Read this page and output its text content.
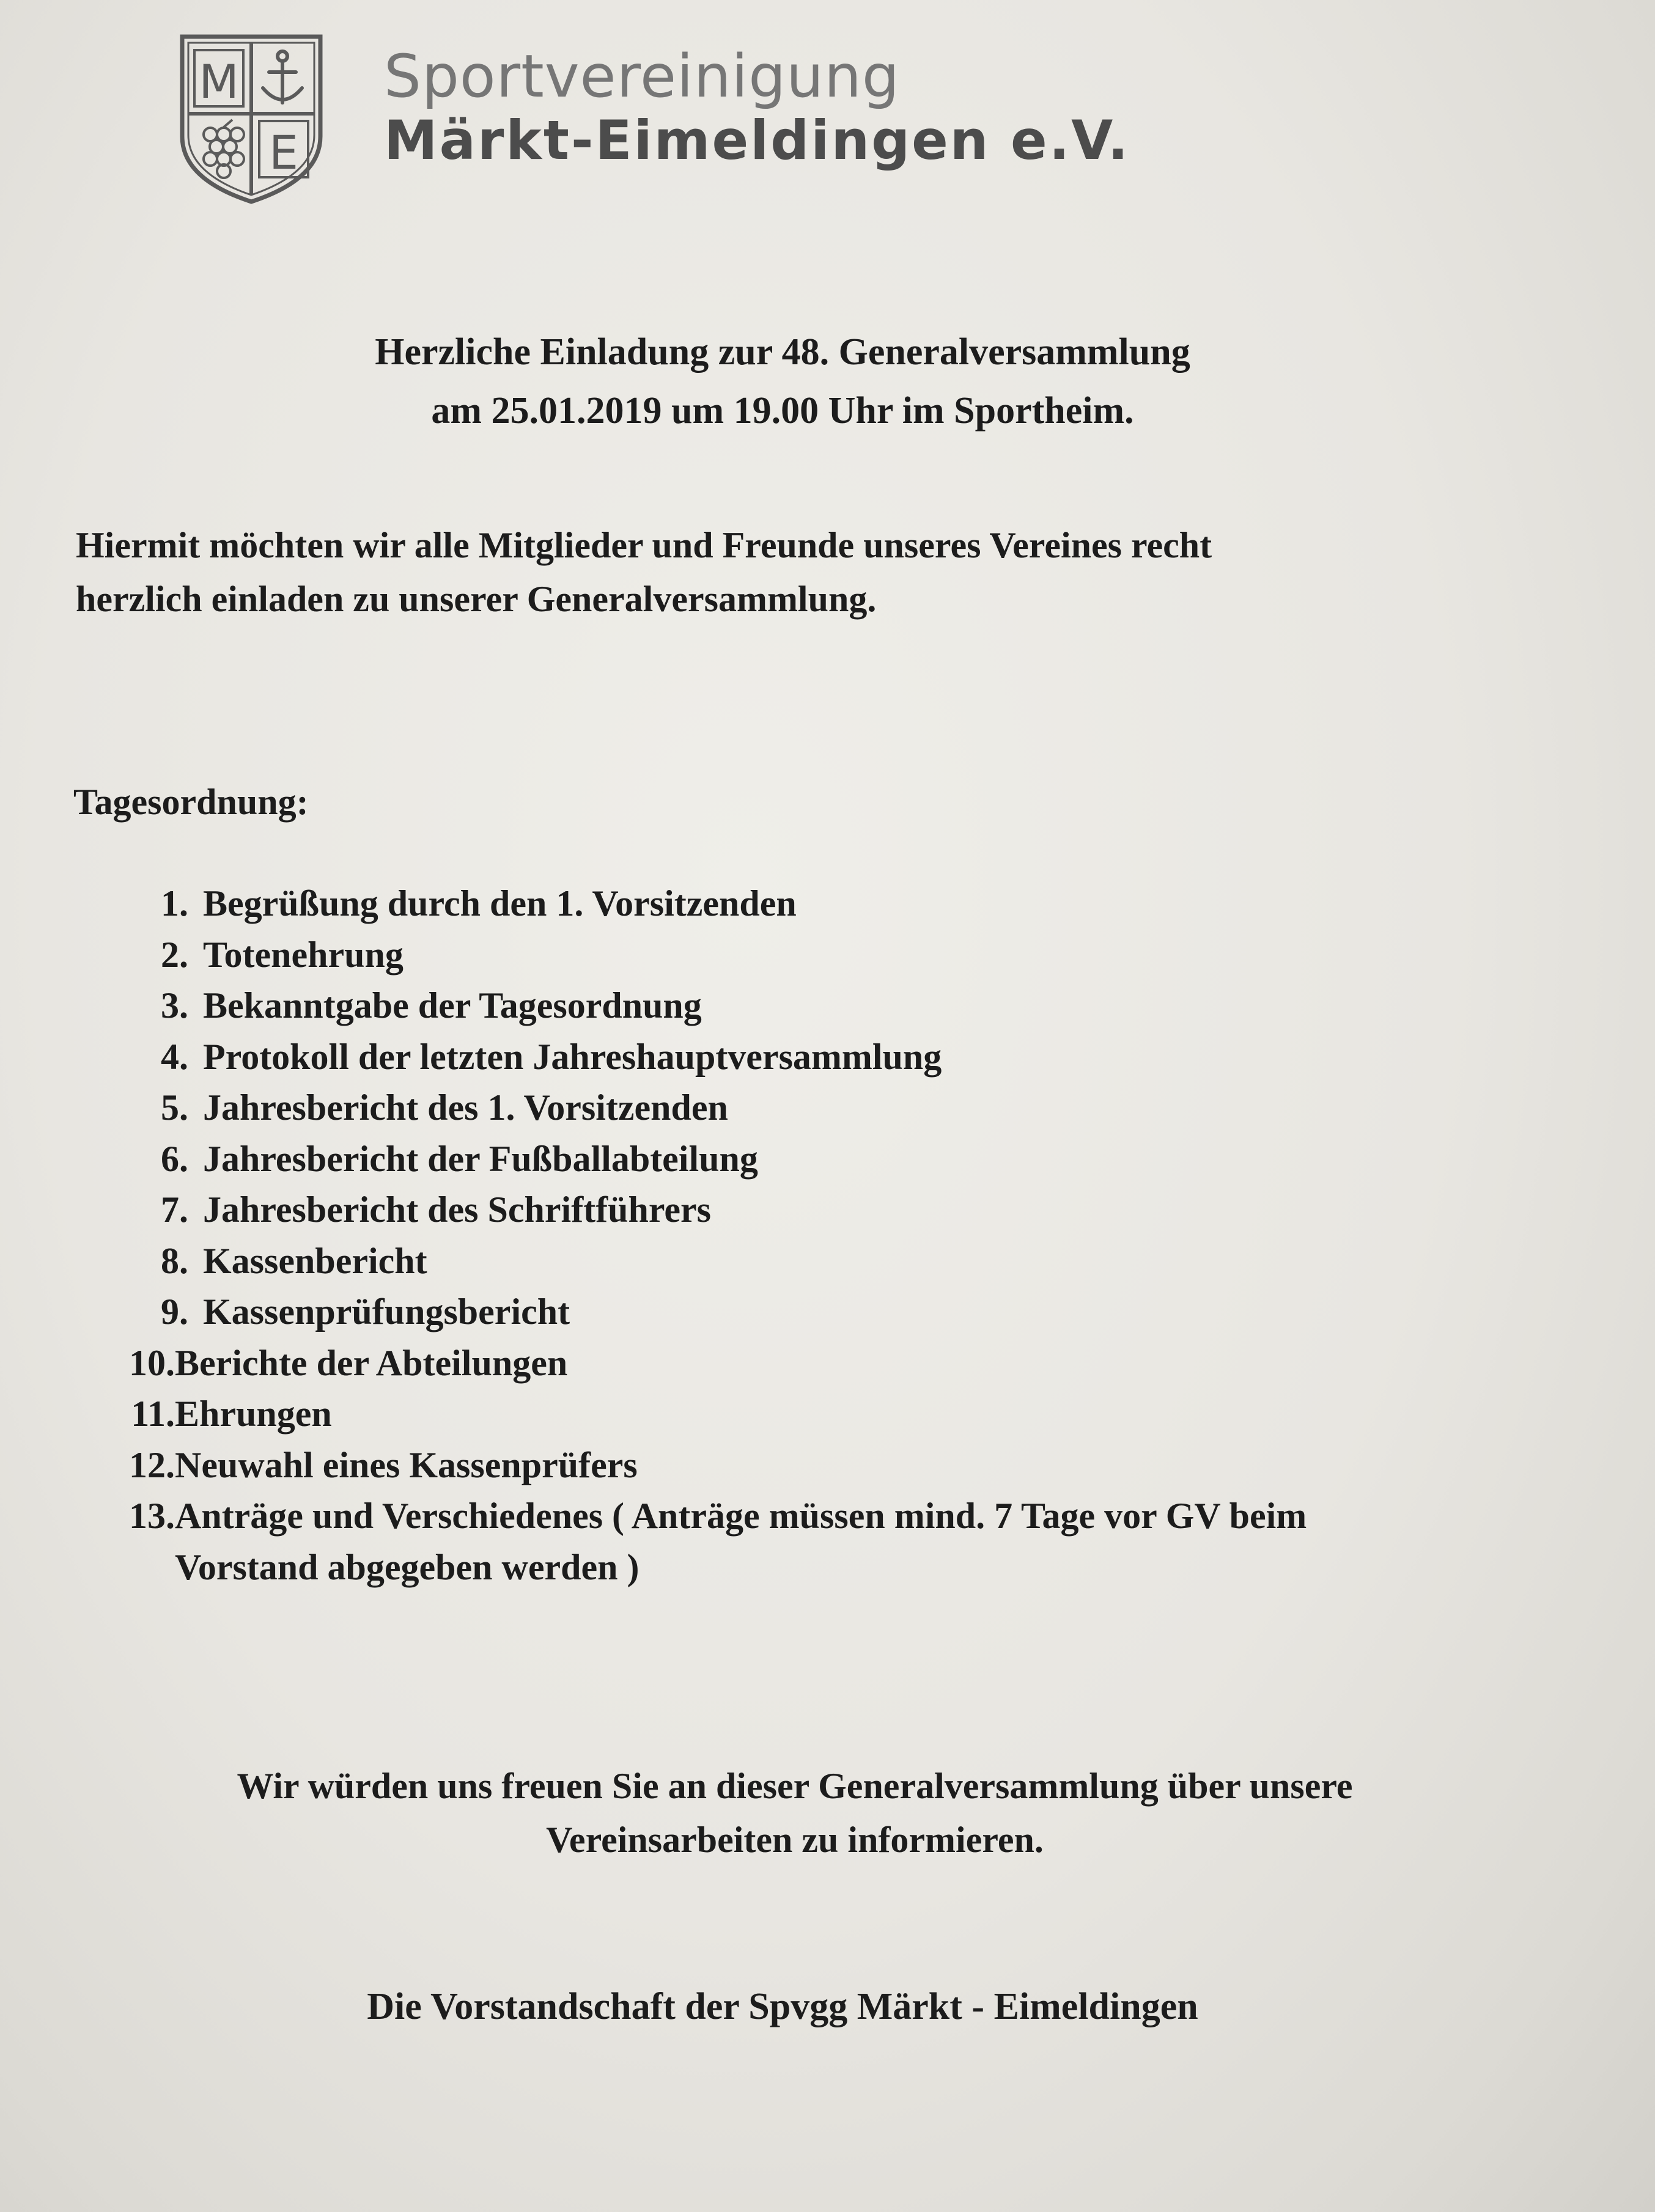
M
E
Sportvereinigung
Märkt-Eimeldingen e.V.
Herzliche Einladung zur 48. Generalversammlung
am 25.01.2019 um 19.00 Uhr im Sportheim.
Hiermit möchten wir alle Mitglieder und Freunde unseres Vereines recht
herzlich einladen zu unserer Generalversammlung.
Tagesordnung:
1. Begrüßung durch den 1. Vorsitzenden
2. Totenehrung
3. Bekanntgabe der Tagesordnung
4. Protokoll der letzten Jahreshauptversammlung
5. Jahresbericht des 1. Vorsitzenden
6. Jahresbericht der Fußballabteilung
7. Jahresbericht des Schriftführers
8. Kassenbericht
9. Kassenprüfungsbericht
10.Berichte der Abteilungen
11.Ehrungen
12.Neuwahl eines Kassenprüfers
13.Anträge und Verschiedenes ( Anträge müssen mind. 7 Tage vor GV beim
Vorstand abgegeben werden )
Wir würden uns freuen Sie an dieser Generalversammlung über unsere
Vereinsarbeiten zu informieren.
Die Vorstandschaft der Spvgg Märkt - Eimeldingen
